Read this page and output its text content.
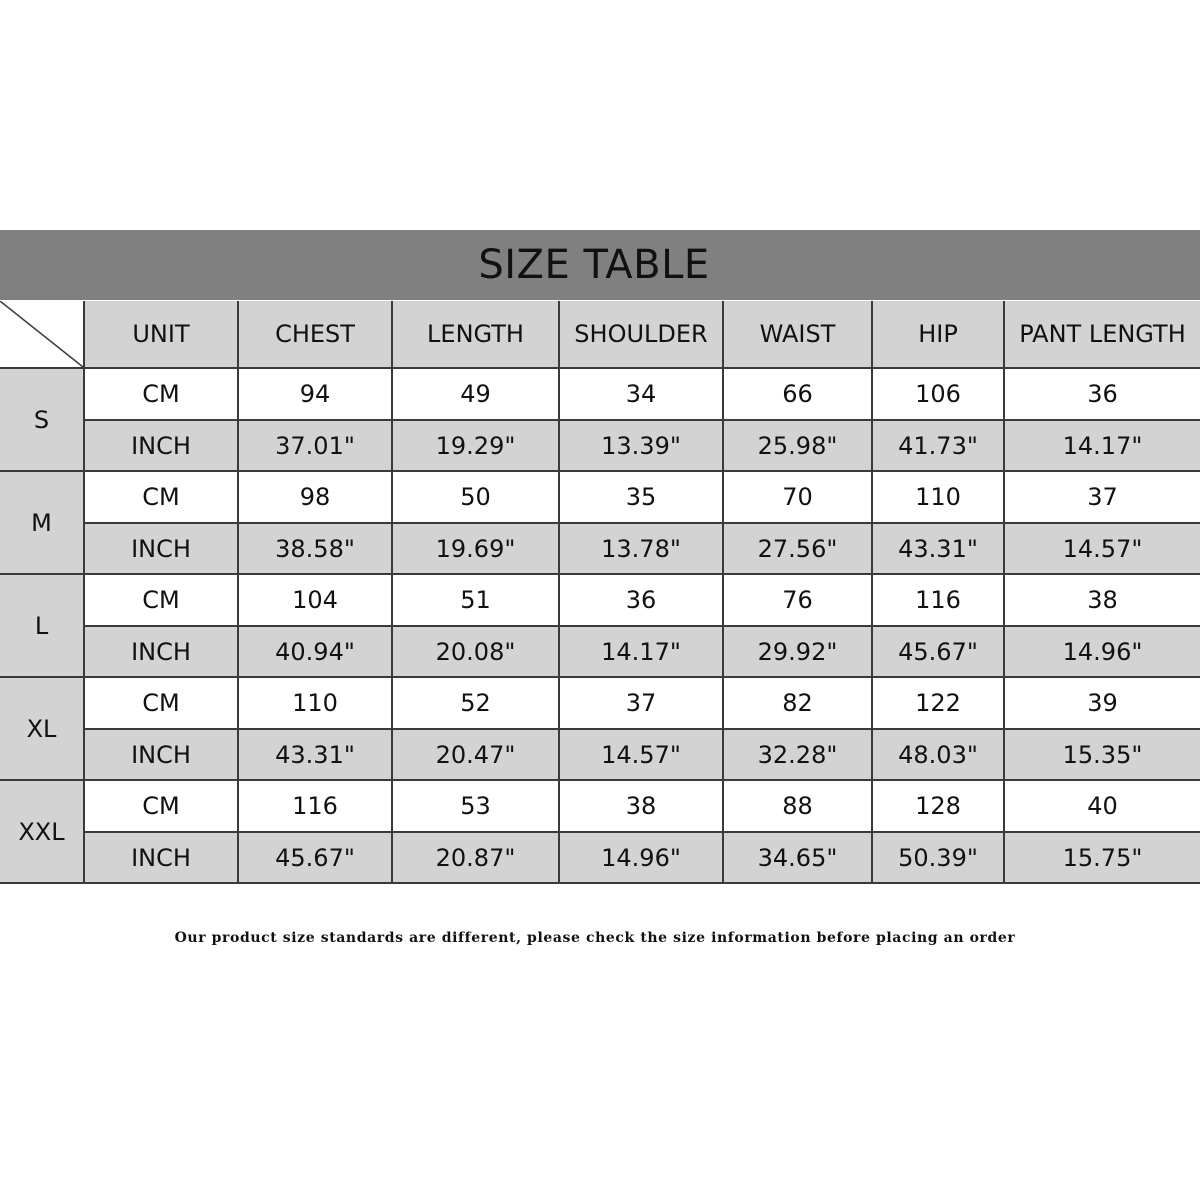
SIZE TABLE
	UNIT	CHEST	LENGTH	SHOULDER	WAIST	HIP	PANT LENGTH
S	CM	94	49	34	66	106	36
	INCH	37.01"	19.29"	13.39"	25.98"	41.73"	14.17"
M	CM	98	50	35	70	110	37
	INCH	38.58"	19.69"	13.78"	27.56"	43.31"	14.57"
L	CM	104	51	36	76	116	38
	INCH	40.94"	20.08"	14.17"	29.92"	45.67"	14.96"
XL	CM	110	52	37	82	122	39
	INCH	43.31"	20.47"	14.57"	32.28"	48.03"	15.35"
XXL	CM	116	53	38	88	128	40
	INCH	45.67"	20.87"	14.96"	34.65"	50.39"	15.75"
Our product size standards are different, please check the size information before placing an order
